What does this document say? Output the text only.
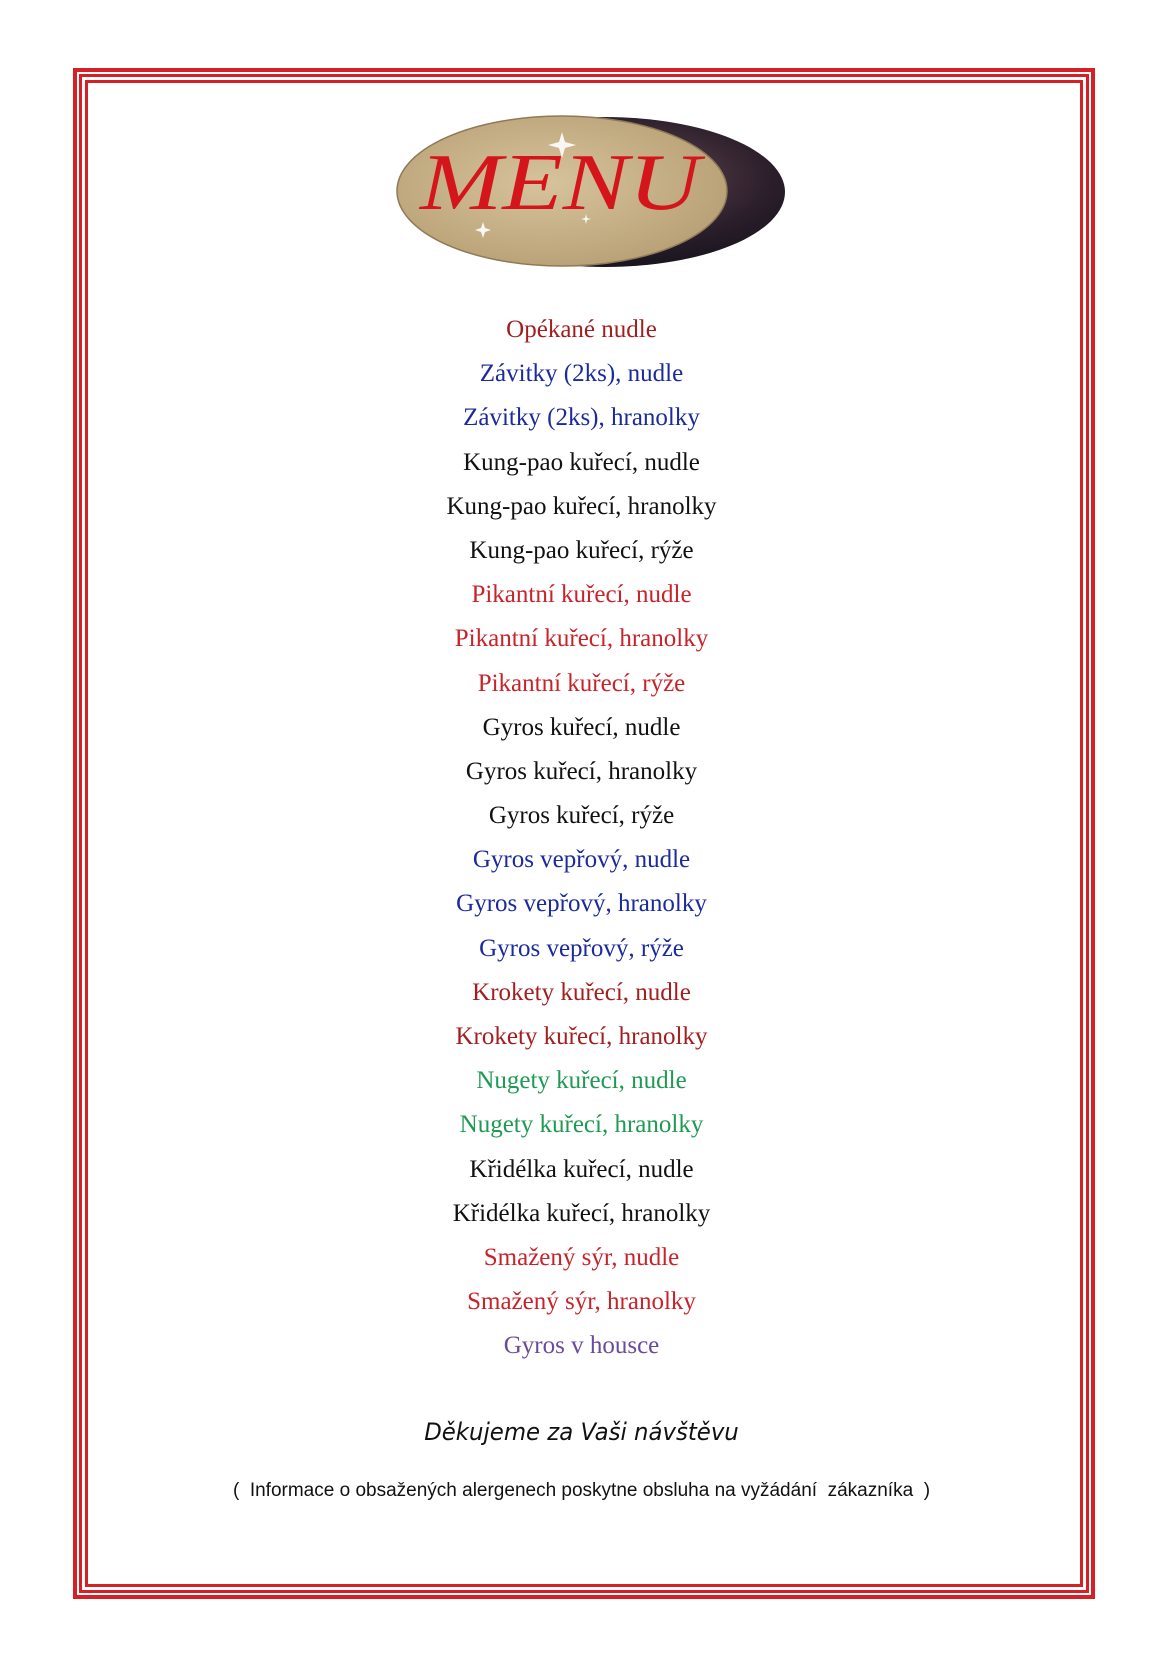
MENU
Opékané nudle
Závitky (2ks), nudle
Závitky (2ks), hranolky
Kung-pao kuřecí, nudle
Kung-pao kuřecí, hranolky
Kung-pao kuřecí, rýže
Pikantní kuřecí, nudle
Pikantní kuřecí, hranolky
Pikantní kuřecí, rýže
Gyros kuřecí, nudle
Gyros kuřecí, hranolky
Gyros kuřecí, rýže
Gyros vepřový, nudle
Gyros vepřový, hranolky
Gyros vepřový, rýže
Krokety kuřecí, nudle
Krokety kuřecí, hranolky
Nugety kuřecí, nudle
Nugety kuřecí, hranolky
Křidélka kuřecí, nudle
Křidélka kuřecí, hranolky
Smažený sýr, nudle
Smažený sýr, hranolky
Gyros v housce
Děkujeme za Vaši návštěvu
(  Informace o obsažených alergenech poskytne obsluha na vyžádání  zákazníka  )
